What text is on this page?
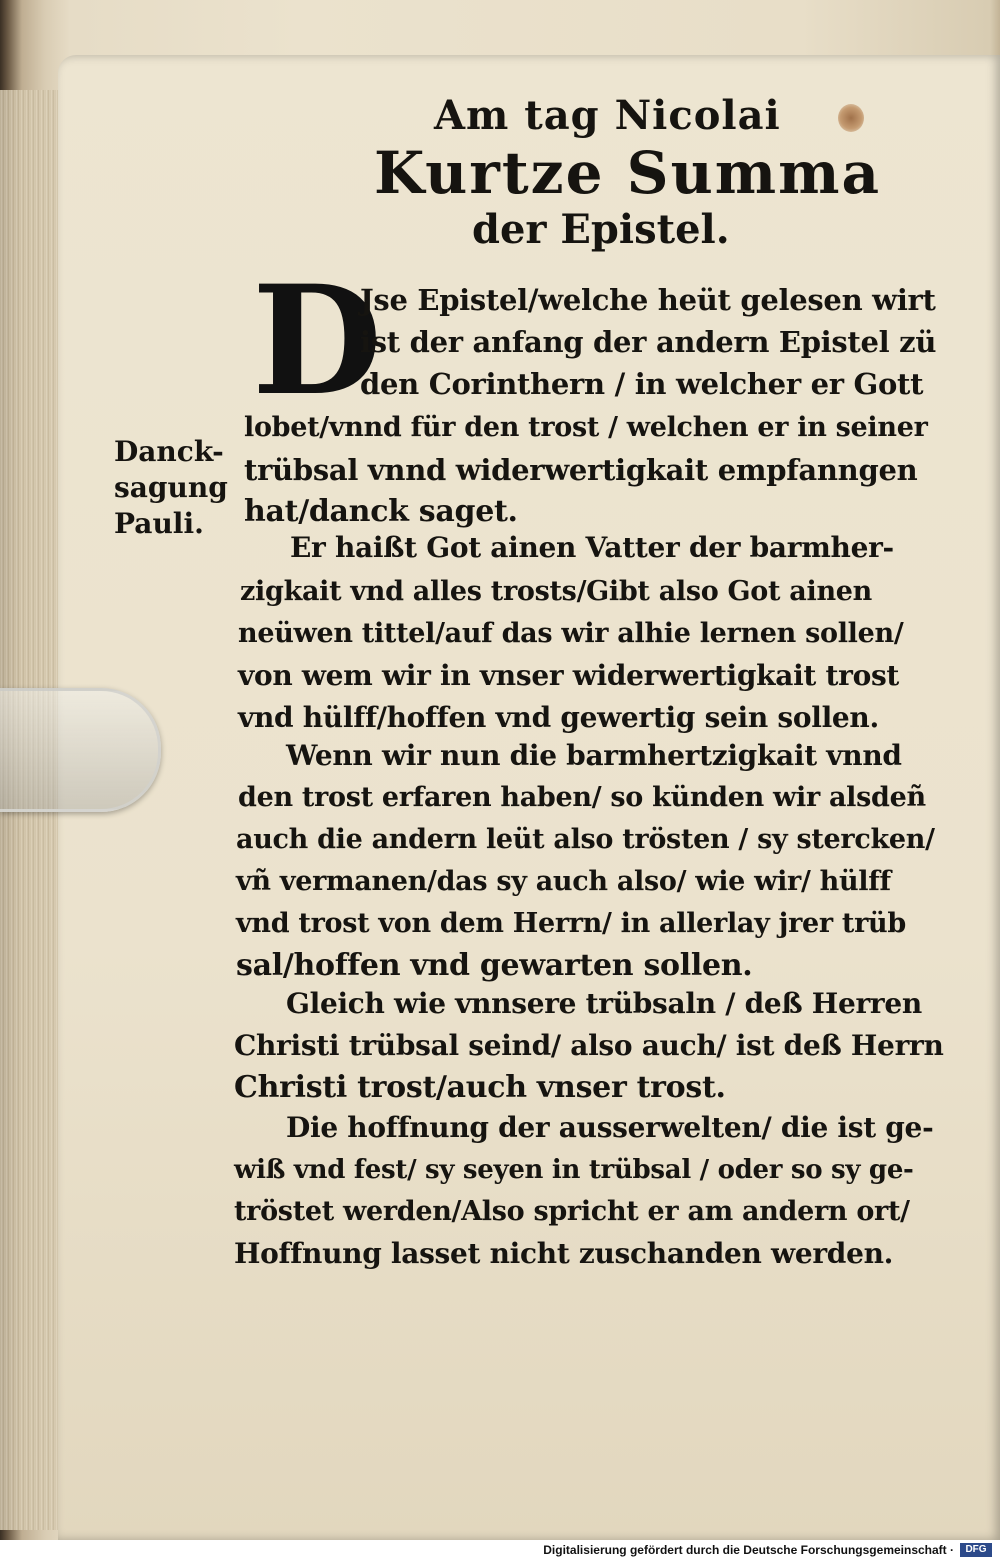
Am tag Nicolai
Kurtze Summa
der Epistel.
D
Danck-
sagung
Pauli.
Jse Epistel/welche heüt gelesen wirt
ist der anfang der andern Epistel zü
den Corinthern / in welcher er Gott
lobet/vnnd für den trost / welchen er in seiner
trübsal vnnd widerwertigkait empfanngen
hat/danck saget.
Er haißt Got ainen Vatter der barmher-
zigkait vnd alles trosts/Gibt also Got ainen
neüwen tittel/auf das wir alhie lernen sollen/
von wem wir in vnser widerwertigkait trost
vnd hülff/hoffen vnd gewertig sein sollen.
Wenn wir nun die barmhertzigkait vnnd
den trost erfaren haben/ so künden wir alsdeñ
auch die andern leüt also trösten / sy stercken/
vñ vermanen/das sy auch also/ wie wir/ hülff
vnd trost von dem Herrn/ in allerlay jrer trüb
sal/hoffen vnd gewarten sollen.
Gleich wie vnnsere trübsaln / deß Herren
Christi trübsal seind/ also auch/ ist deß Herrn
Christi trost/auch vnser trost.
Die hoffnung der ausserwelten/ die ist ge-
wiß vnd fest/ sy seyen in trübsal / oder so sy ge-
tröstet werden/Also spricht er am andern ort/
Hoffnung lasset nicht zuschanden werden.
Digitalisierung gefördert durch die Deutsche Forschungsgemeinschaft ·	DFG
